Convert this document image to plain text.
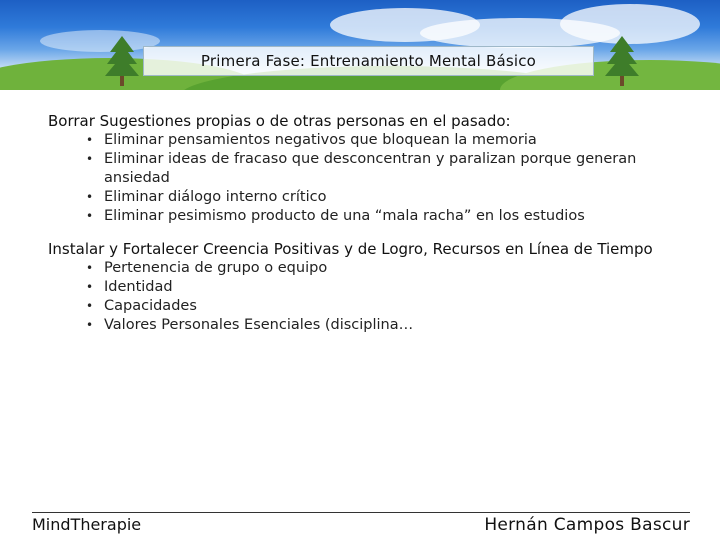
Primera Fase: Entrenamiento Mental Básico
Borrar Sugestiones propias o de otras personas en el pasado:
• Eliminar pensamientos negativos que bloquean la memoria
• Eliminar ideas de fracaso que desconcentran y paralizan porque generan ansiedad
• Eliminar diálogo interno crítico
• Eliminar pesimismo producto de una “mala racha” en los estudios
Instalar y Fortalecer Creencia Positivas y de Logro, Recursos en Línea de Tiempo
• Pertenencia de grupo o equipo
• Identidad
• Capacidades
• Valores Personales Esenciales (disciplina…
MindTherapie	Hernán Campos Bascur
